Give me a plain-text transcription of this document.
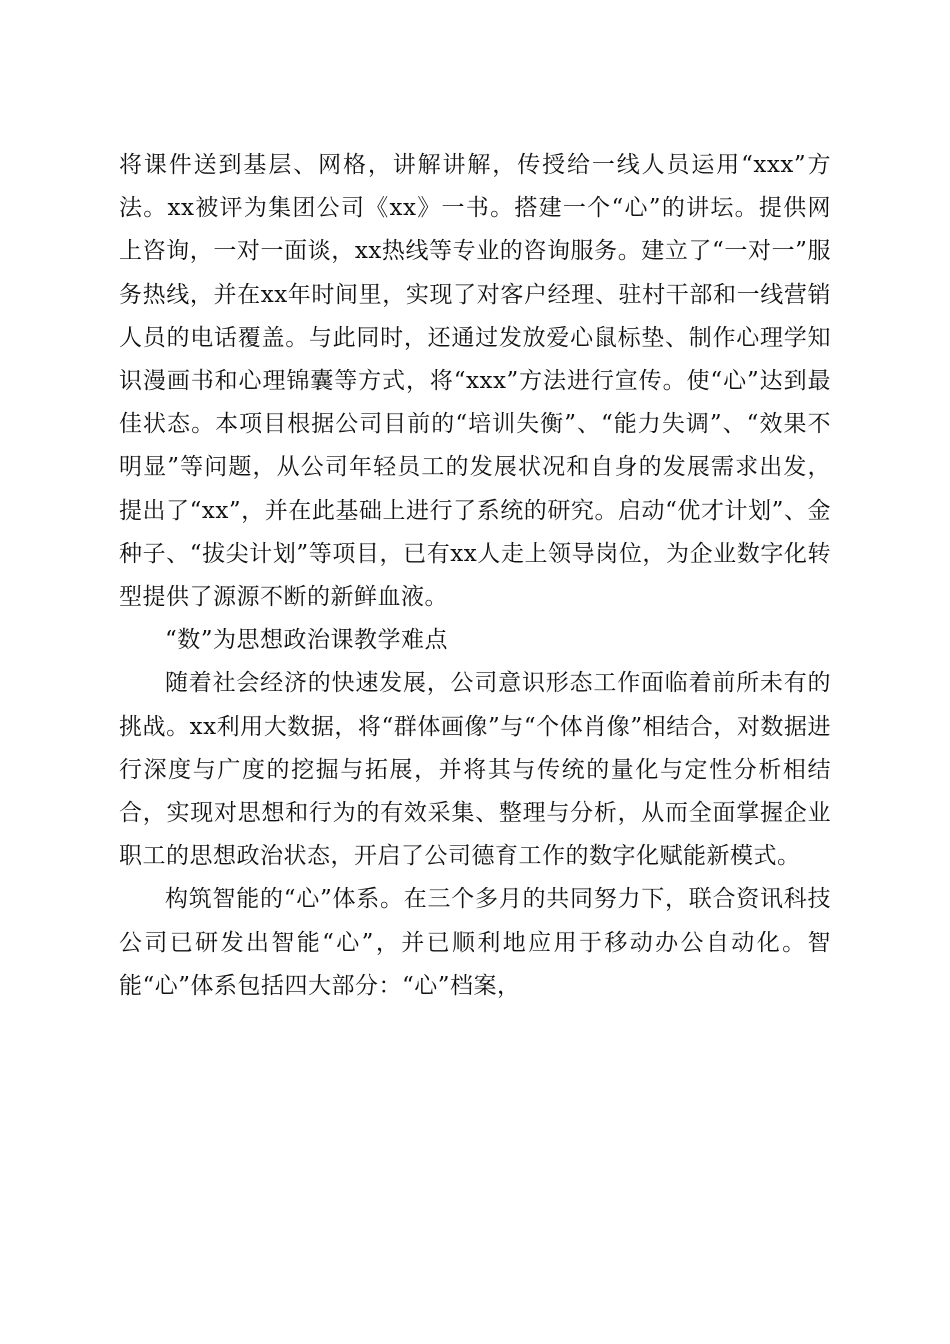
将课件送到基层、网格，讲解讲解，传授给一线人员运用“xxx”方法。xx被评为集团公司《xx》一书。搭建一个“心”的讲坛。提供网上咨询，一对一面谈，xx热线等专业的咨询服务。建立了“一对一”服务热线，并在xx年时间里，实现了对客户经理、驻村干部和一线营销人员的电话覆盖。与此同时，还通过发放爱心鼠标垫、制作心理学知识漫画书和心理锦囊等方式，将“xxx”方法进行宣传。使“心”达到最佳状态。本项目根据公司目前的“培训失衡”、“能力失调”、“效果不明显”等问题，从公司年轻员工的发展状况和自身的发展需求出发，提出了“xx”，并在此基础上进行了系统的研究。启动“优才计划”、金种子、“拔尖计划”等项目，已有xx人走上领导岗位，为企业数字化转型提供了源源不断的新鲜血液。

“数”为思想政治课教学难点

随着社会经济的快速发展，公司意识形态工作面临着前所未有的挑战。xx利用大数据，将“群体画像”与“个体肖像”相结合，对数据进行深度与广度的挖掘与拓展，并将其与传统的量化与定性分析相结合，实现对思想和行为的有效采集、整理与分析，从而全面掌握企业职工的思想政治状态，开启了公司德育工作的数字化赋能新模式。

构筑智能的“心”体系。在三个多月的共同努力下，联合资讯科技公司已研发出智能“心”，并已顺利地应用于移动办公自动化。智能“心”体系包括四大部分：“心”档案，
